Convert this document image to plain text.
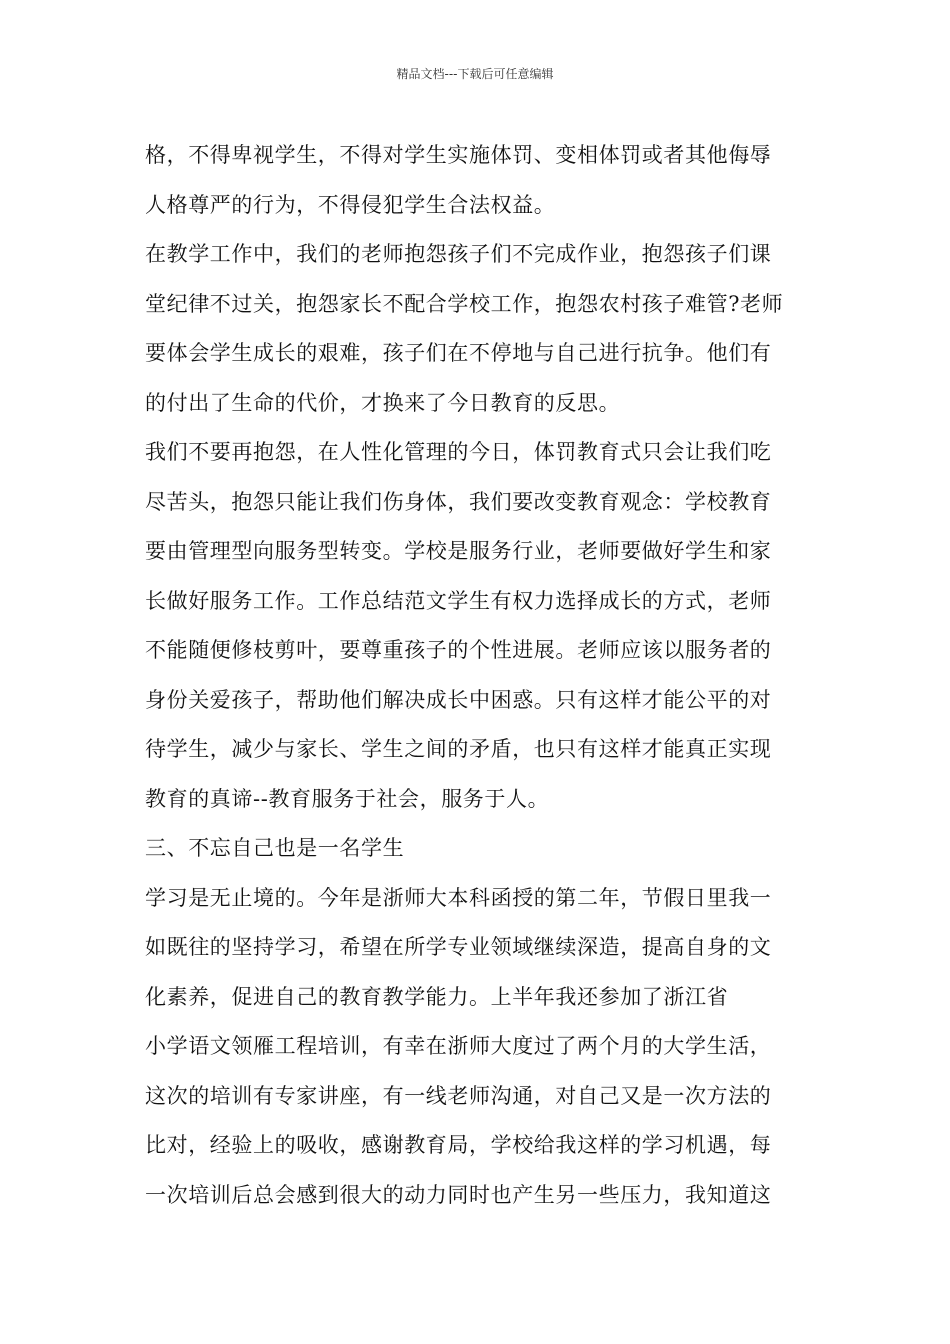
精品文档---下载后可任意编辑
格，不得卑视学生，不得对学生实施体罚、变相体罚或者其他侮辱
人格尊严的行为，不得侵犯学生合法权益。
在教学工作中，我们的老师抱怨孩子们不完成作业，抱怨孩子们课
堂纪律不过关，抱怨家长不配合学校工作，抱怨农村孩子难管?老师
要体会学生成长的艰难，孩子们在不停地与自己进行抗争。他们有
的付出了生命的代价，才换来了今日教育的反思。
我们不要再抱怨，在人性化管理的今日，体罚教育式只会让我们吃
尽苦头，抱怨只能让我们伤身体，我们要改变教育观念：学校教育
要由管理型向服务型转变。学校是服务行业，老师要做好学生和家
长做好服务工作。工作总结范文学生有权力选择成长的方式，老师
不能随便修枝剪叶，要尊重孩子的个性进展。老师应该以服务者的
身份关爱孩子，帮助他们解决成长中困惑。只有这样才能公平的对
待学生，减少与家长、学生之间的矛盾，也只有这样才能真正实现
教育的真谛--教育服务于社会，服务于人。
三、不忘自己也是一名学生
学习是无止境的。今年是浙师大本科函授的第二年，节假日里我一
如既往的坚持学习，希望在所学专业领域继续深造，提高自身的文
化素养，促进自己的教育教学能力。上半年我还参加了浙江省
小学语文领雁工程培训，有幸在浙师大度过了两个月的大学生活，
这次的培训有专家讲座，有一线老师沟通，对自己又是一次方法的
比对，经验上的吸收，感谢教育局，学校给我这样的学习机遇，每
一次培训后总会感到很大的动力同时也产生另一些压力，我知道这
